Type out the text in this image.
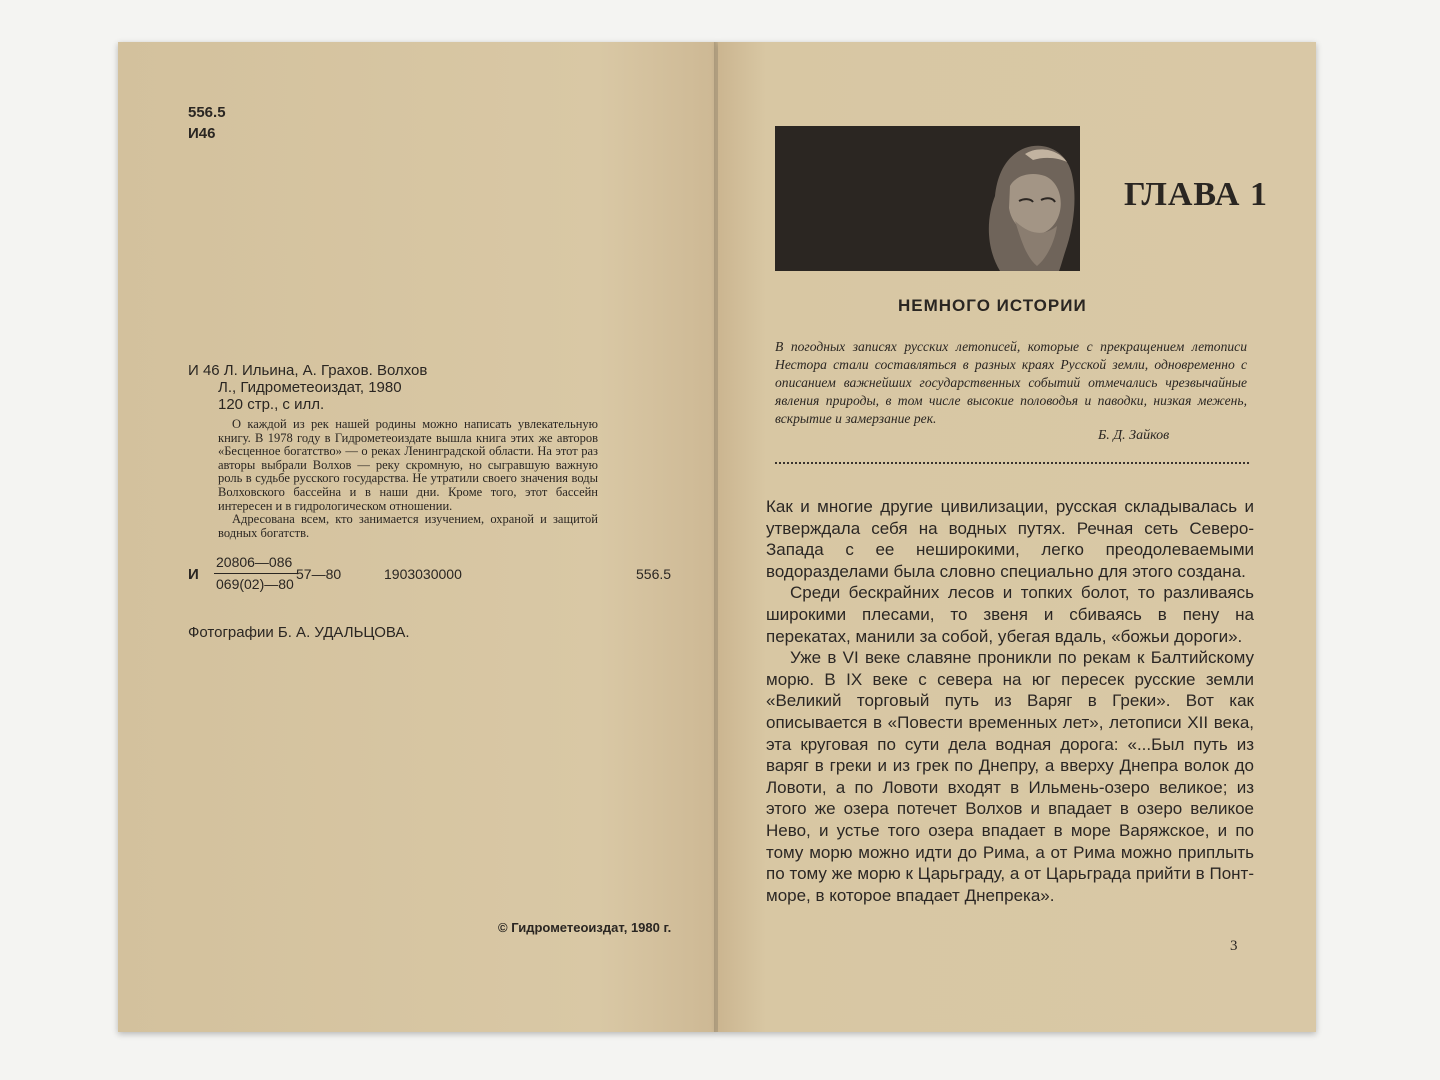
556.5
И46
И 46 Л. Ильина, А. Грахов. Волхов
Л., Гидрометеоиздат, 1980
120 стр., с илл.

О каждой из рек нашей родины можно написать увлекательную книгу. В 1978 году в Гидрометеоиздате вышла книга этих же авторов «Бесценное богатство» — о реках Ленинградской области. На этот раз авторы выбрали Волхов — реку скромную, но сыгравшую важную роль в судьбе русского государства. Не утратили своего значения воды Волховского бассейна и в наши дни. Кроме того, этот бассейн интересен и в гидрологическом отношении.

Адресована всем, кто занимается изучением, охраной и защитой водных богатств.

И
20806—086
069(02)—80
57—80	1903030000	556.5
Фотографии Б. А. УДАЛЬЦОВА.
© Гидрометеоиздат, 1980 г.
ГЛАВА 1
НЕМНОГО ИСТОРИИ
В погодных записях русских летописей, которые с прекращением летописи Нестора стали составляться в разных краях Русской земли, одновременно с описанием важнейших государственных событий отмечались чрезвычайные явления природы, в том числе высокие половодья и паводки, низкая межень, вскрытие и замерзание рек.
Б. Д. Зайков

Как и многие другие цивилизации, русская складывалась и утверждала себя на водных путях. Речная сеть Северо-Запада с ее неширокими, легко преодолеваемыми водоразделами была словно специально для этого создана.

Среди бескрайних лесов и топких болот, то разливаясь широкими плесами, то звеня и сбиваясь в пену на перекатах, манили за собой, убегая вдаль, «божьи дороги».

Уже в VI веке славяне проникли по рекам к Балтийскому морю. В IX веке с севера на юг пересек русские земли «Великий торговый путь из Варяг в Греки». Вот как описывается в «Повести временных лет», летописи XII века, эта круговая по сути дела водная дорога: «...Был путь из варяг в греки и из грек по Днепру, а вверху Днепра волок до Ловоти, а по Ловоти входят в Ильмень-озеро великое; из этого же озера потечет Волхов и впадает в озеро великое Нево, и устье того озера впадает в море Варяжское, и по тому морю можно идти до Рима, а от Рима можно приплыть по тому же морю к Царьграду, а от Царьграда прийти в Понт-море, в которое впадает Днепрека».

3
